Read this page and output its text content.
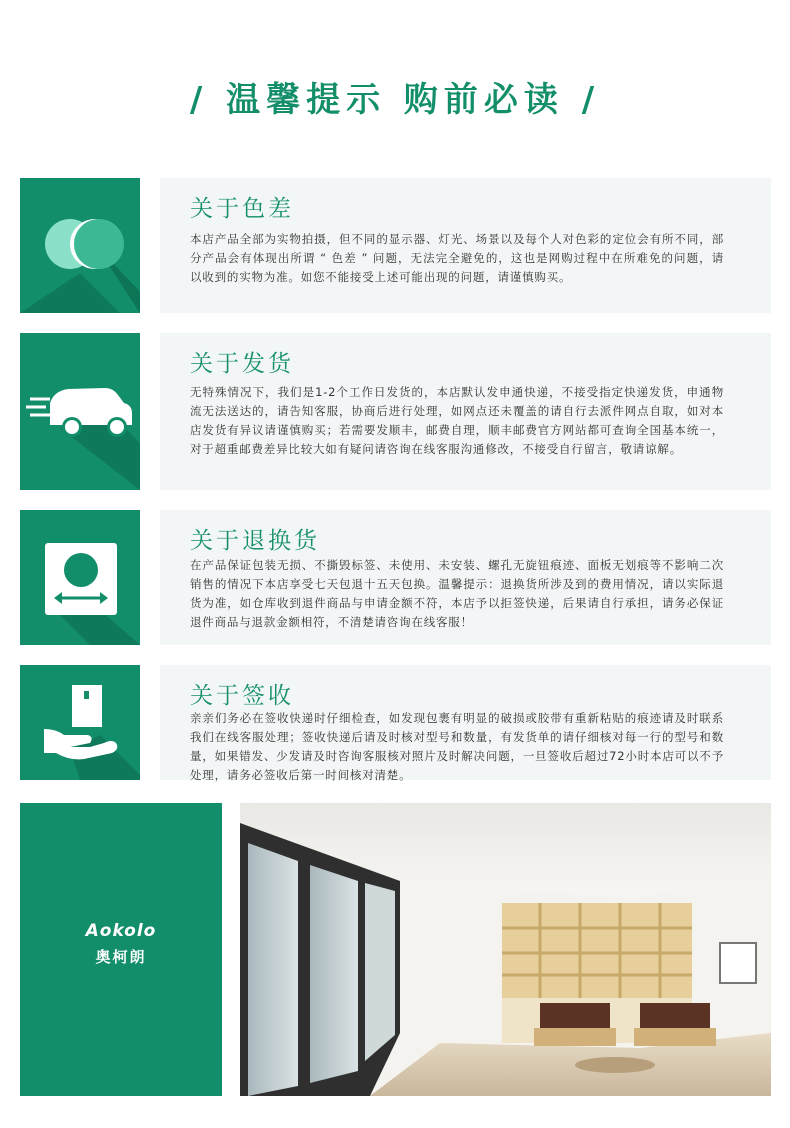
/ 温馨提示 购前必读 /
关于色差

本店产品全部为实物拍摄，但不同的显示器、灯光、场景以及每个人对色彩的定位会有所不同，部分产品会有体现出所谓 “ 色差 ” 问题，无法完全避免的，这也是网购过程中在所难免的问题，请以收到的实物为准。如您不能接受上述可能出现的问题，请谨慎购买。

关于发货

无特殊情况下，我们是1-2个工作日发货的，本店默认发申通快递，不接受指定快递发货，申通物流无法送达的，请告知客服，协商后进行处理，如网点还未覆盖的请自行去派件网点自取，如对本店发货有异议请谨慎购买；若需要发顺丰，邮费自理，顺丰邮费官方网站都可查询全国基本统一，对于超重邮费差异比较大如有疑问请咨询在线客服沟通修改，不接受自行留言，敬请谅解。

关于退换货

在产品保证包装无损、不撕毁标签、未使用、未安装、螺孔无旋钮痕迹、面板无划痕等不影响二次销售的情况下本店享受七天包退十五天包换。温馨提示：退换货所涉及到的费用情况，请以实际退货为准，如仓库收到退件商品与申请金额不符，本店予以拒签快递，后果请自行承担，请务必保证退件商品与退款金额相符，不清楚请咨询在线客服！

关于签收

亲亲们务必在签收快递时仔细检查，如发现包裹有明显的破损或胶带有重新粘贴的痕迹请及时联系我们在线客服处理；签收快递后请及时核对型号和数量，有发货单的请仔细核对每一行的型号和数量，如果错发、少发请及时咨询客服核对照片及时解决问题，一旦签收后超过72小时本店可以不予处理，请务必签收后第一时间核对清楚。

Aokolo
奥柯朗
